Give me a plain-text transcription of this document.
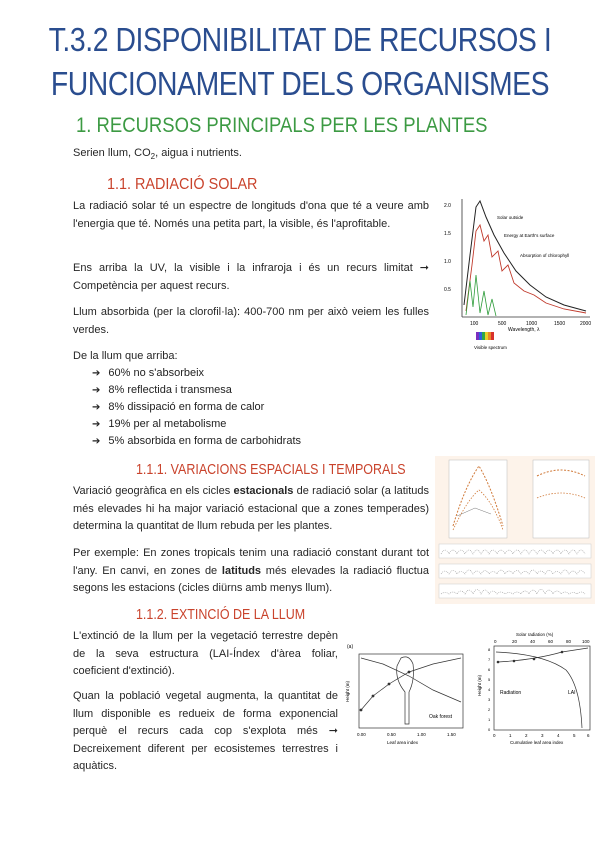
T.3.2 DISPONIBILITAT DE RECURSOS I
FUNCIONAMENT DELS ORGANISMES
1. RECURSOS PRINCIPALS PER LES PLANTES
Serien llum, $CO_2$, aigua i nutrients.
1.1. RADIACIÓ SOLAR
La radiació solar té un espectre de longituds d'ona que té a veure amb l'energia que té. Només una petita part, la visible, és l'aprofitable.
Ens arriba la UV, la visible i la infraroja i és un recurs limitat ➞ Competència per aquest recurs.
Llum absorbida (per la clorofil·la): 400-700 nm per això veiem les fulles verdes.
De la llum que arriba:
➔ 60% no s'absorbeix
➔ 8% reflectida i transmesa
➔ 8% dissipació en forma de calor
➔ 19% per al metabolisme
➔ 5% absorbida en forma de carbohidrats
2.0
1.5
1.0
0.5
Solar outside
Energy at Earth's surface
Absorption of chlorophyll
100	500	1000	1500	2000
Wavelength, λ
Visible spectrum
1.1.1. VARIACIONS ESPACIALS I TEMPORALS
Variació geogràfica en els cicles estacionals de radiació solar (a latituds més elevades hi ha major variació estacional que a zones temperades) determina la quantitat de llum rebuda per les plantes.
Per exemple: En zones tropicals tenim una radiació constant durant tot l'any. En canvi, en zones de latituds més elevades la radiació fluctua segons les estacions (cicles diürns amb menys llum).
1.1.2. EXTINCIÓ DE LA LLUM
L'extinció de la llum per la vegetació terrestre depèn de la seva estructura (LAI-Índex d'àrea foliar, coeficient d'extinció).
Quan la població vegetal augmenta, la quantitat de llum disponible es redueix de forma exponencial perquè el recurs cada cop s'explota més ➞ Decreixement diferent per ecosistemes terrestres i aquàtics.
(a)
Height (m)
Oak forest
0.00	0.50	1.00	1.50
Leaf area index
Solar radiation (%)
0	20	40	60	80 100
8
7
6
5
4
3
2
1
0
Height (m)	Radiation	LAI
0	1	2	3	4	5	6
Cumulative leaf area index
